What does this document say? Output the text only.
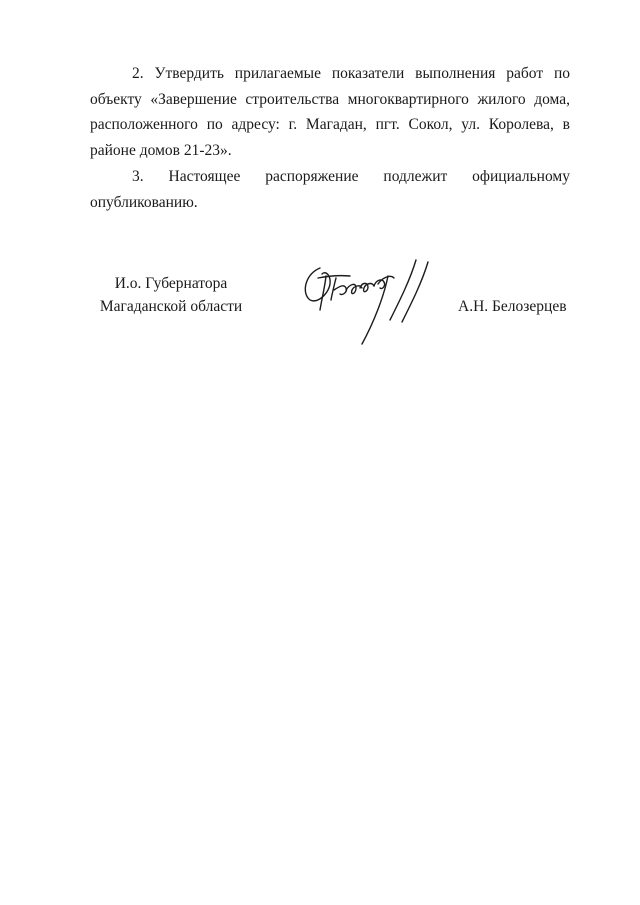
2. Утвердить прилагаемые показатели выполнения работ по объекту «Завершение строительства многоквартирного жилого дома, расположенного по адресу: г. Магадан, пгт. Сокол, ул. Королева, в районе домов 21-23».

3. Настоящее распоряжение подлежит официальному опубликованию.

И.о. Губернатора
Магаданской области	А.Н. Белозерцев
